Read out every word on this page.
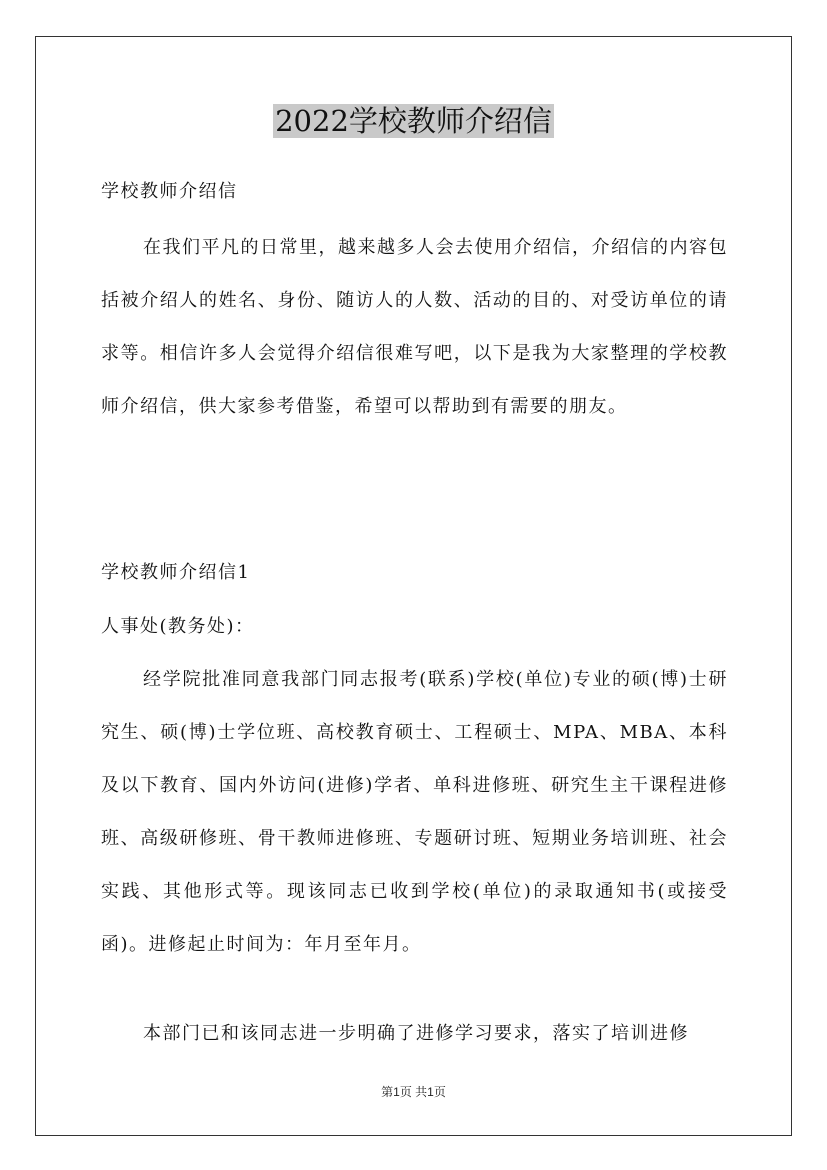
2022学校教师介绍信
学校教师介绍信
在我们平凡的日常里，越来越多人会去使用介绍信，介绍信的内容包括被介绍人的姓名、身份、随访人的人数、活动的目的、对受访单位的请求等。相信许多人会觉得介绍信很难写吧，以下是我为大家整理的学校教师介绍信，供大家参考借鉴，希望可以帮助到有需要的朋友。
学校教师介绍信1
人事处(教务处)：
经学院批准同意我部门同志报考(联系)学校(单位)专业的硕(博)士研究生、硕(博)士学位班、高校教育硕士、工程硕士、MPA、MBA、本科及以下教育、国内外访问(进修)学者、单科进修班、研究生主干课程进修班、高级研修班、骨干教师进修班、专题研讨班、短期业务培训班、社会实践、其他形式等。现该同志已收到学校(单位)的录取通知书(或接受函)。进修起止时间为：年月至年月。
本部门已和该同志进一步明确了进修学习要求，落实了培训进修
第1页 共1页
